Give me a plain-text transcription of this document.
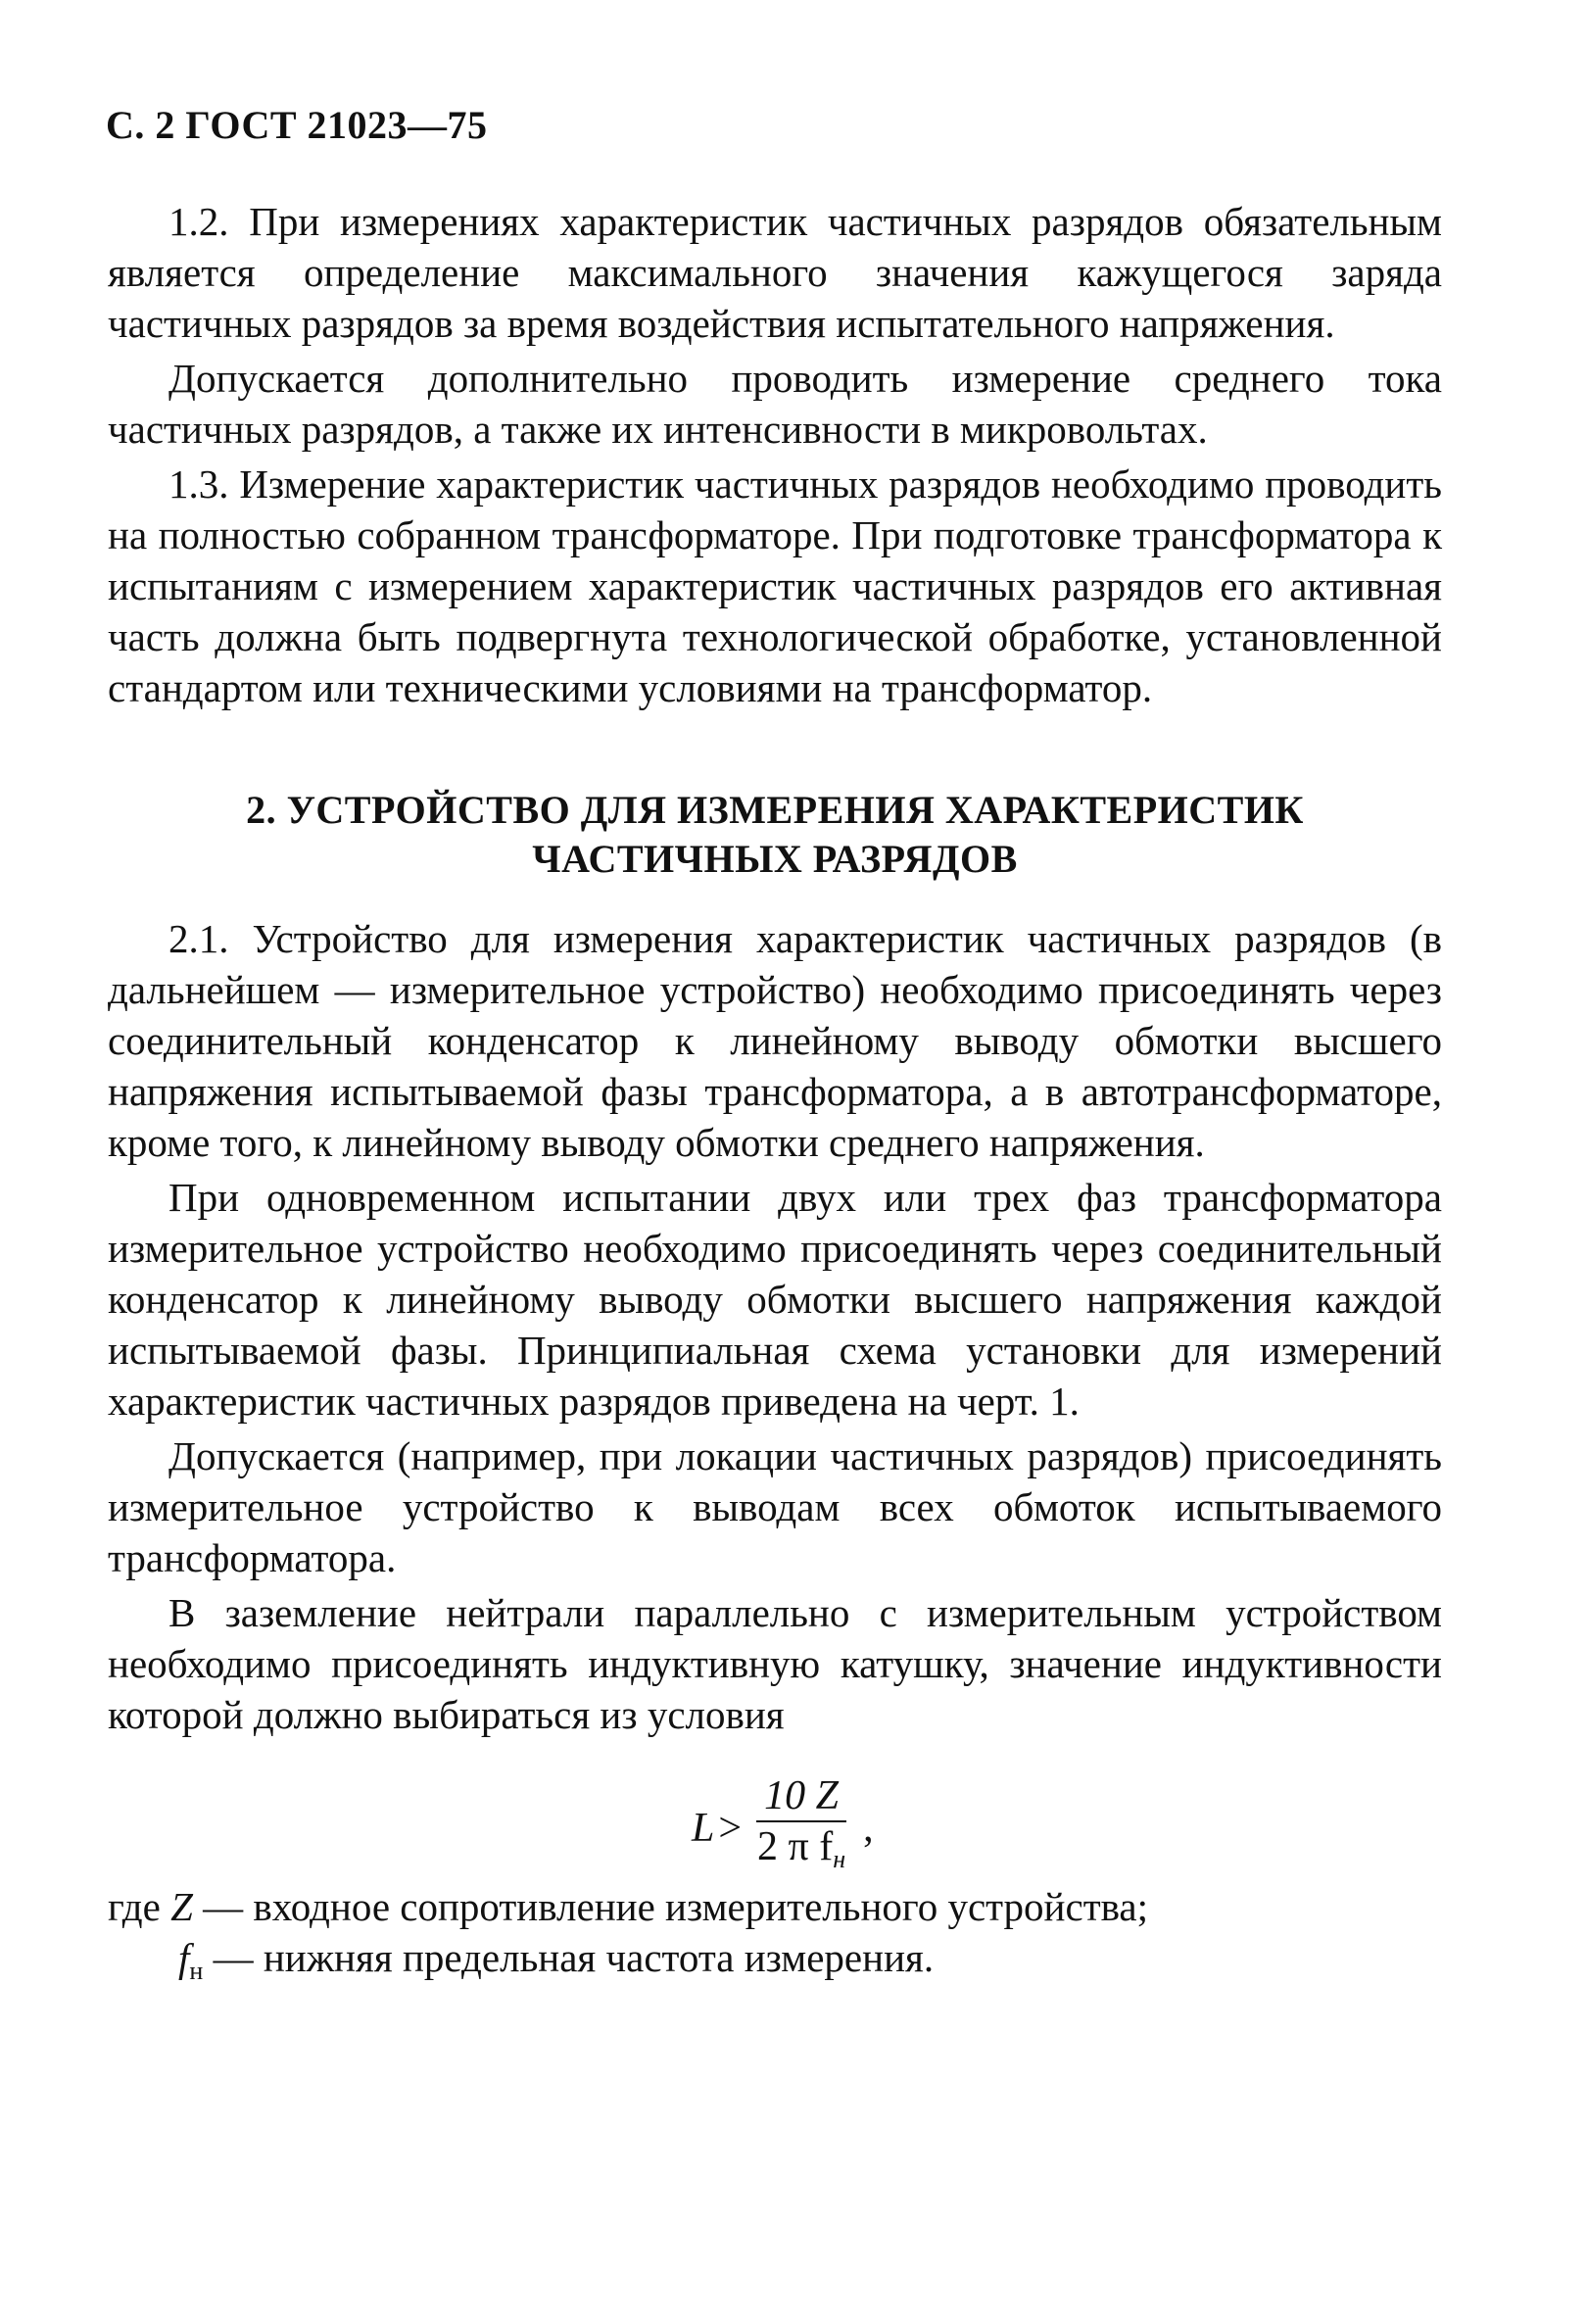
С. 2 ГОСТ 21023—75

1.2. При измерениях характеристик частичных разрядов обязательным является определение максимального значения кажущегося заряда частичных разрядов за время воздействия испытательного напряжения.

Допускается дополнительно проводить измерение среднего тока частичных разрядов, а также их интенсивности в микровольтах.

1.3. Измерение характеристик частичных разрядов необходимо проводить на полностью собранном трансформаторе. При подготовке трансформатора к испытаниям с измерением характеристик частичных разрядов его активная часть должна быть подвергнута технологической обработке, установленной стандартом или техническими условиями на трансформатор.

2. УСТРОЙСТВО ДЛЯ ИЗМЕРЕНИЯ ХАРАКТЕРИСТИК
ЧАСТИЧНЫХ РАЗРЯДОВ

2.1. Устройство для измерения характеристик частичных разрядов (в дальнейшем — измерительное устройство) необходимо присоединять через соединительный конденсатор к линейному выводу обмотки высшего напряжения испытываемой фазы трансформатора, а в автотрансформаторе, кроме того, к линейному выводу обмотки среднего напряжения.

При одновременном испытании двух или трех фаз трансформатора измерительное устройство необходимо присоединять через соединительный конденсатор к линейному выводу обмотки высшего напряжения каждой испытываемой фазы. Принципиальная схема установки для измерений характеристик частичных разрядов приведена на черт. 1.

Допускается (например, при локации частичных разрядов) присоединять измерительное устройство к выводам всех обмоток испытываемого трансформатора.

В заземление нейтрали параллельно с измерительным устройством необходимо присоединять индуктивную катушку, значение индуктивности которой должно выбираться из условия

$L > \frac{10 Z}{2 \pi f_н}$ ,
где Z — входное сопротивление измерительного устройства;
fн — нижняя предельная частота измерения.
